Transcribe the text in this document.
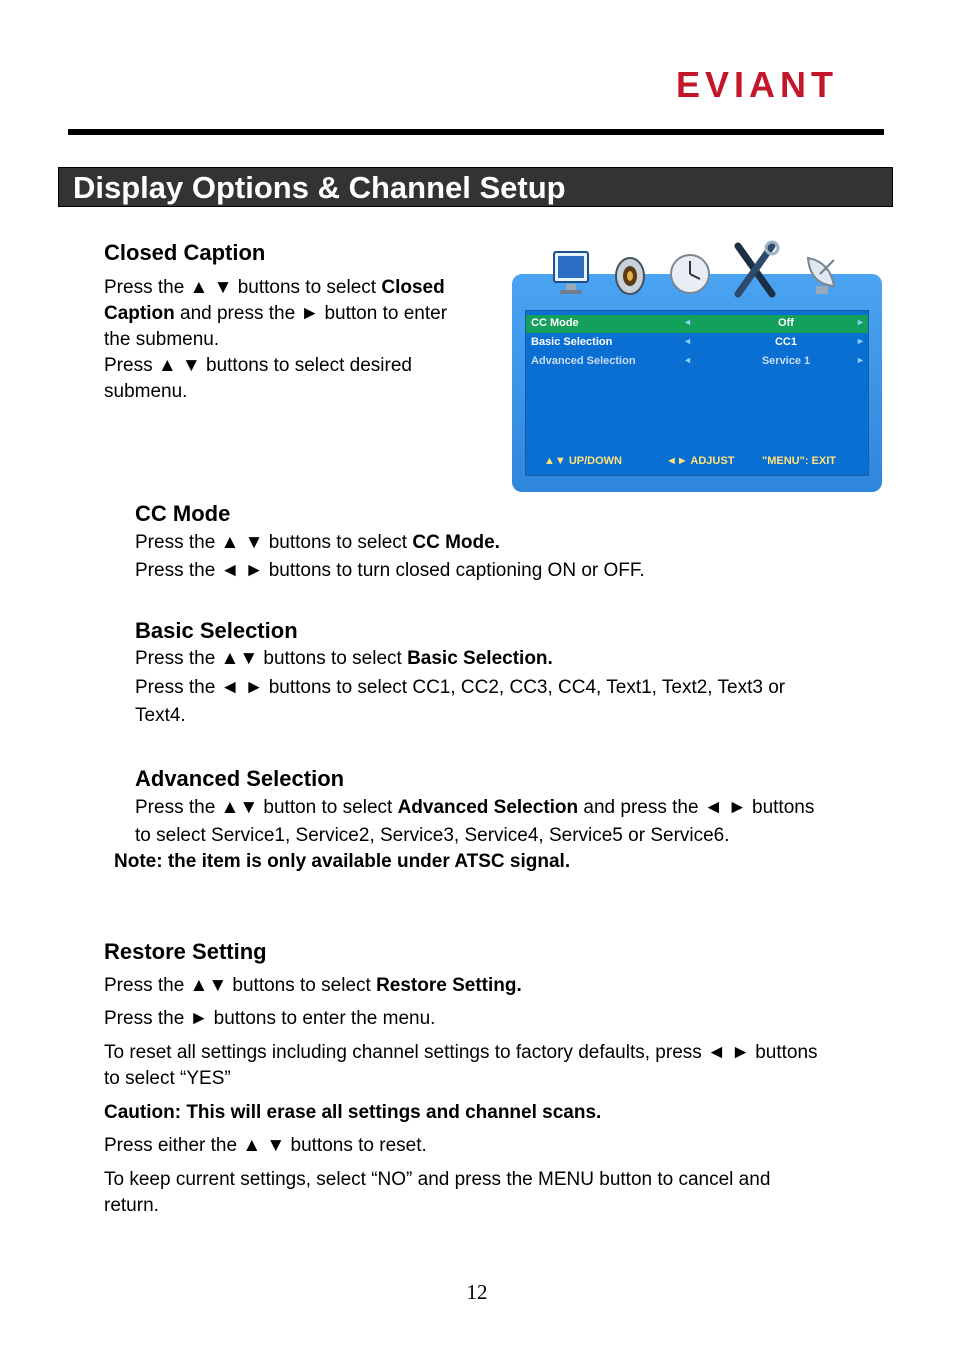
EVIANT
Display Options & Channel Setup
Closed Caption
Press the ▲ ▼ buttons to select Closed
Caption and press the ► button to enter
the submenu.
Press ▲ ▼ buttons to select desired
submenu.
CC Mode	◄	Off	►
Basic Selection	◄	CC1	►
Advanced Selection	◄	Service 1	►
▲▼ UP/DOWN	◄► ADJUST	"MENU": EXIT
CC Mode
Press the ▲ ▼ buttons to select CC Mode.
Press the ◄ ► buttons to turn closed captioning ON or OFF.
Basic Selection
Press the ▲▼ buttons to select Basic Selection.
Press the ◄ ► buttons to select CC1, CC2, CC3, CC4, Text1, Text2, Text3 or
Text4.
Advanced Selection
Press the ▲▼ button to select Advanced Selection and press the ◄ ► buttons
to select Service1, Service2, Service3, Service4, Service5 or Service6.
Note: the item is only available under ATSC signal.
Restore Setting
Press the ▲▼ buttons to select Restore Setting.
Press the ► buttons to enter the menu.
To reset all settings including channel settings to factory defaults, press ◄ ► buttons
to select “YES”
Caution: This will erase all settings and channel scans.
Press either the ▲ ▼ buttons to reset.
To keep current settings, select “NO” and press the MENU button to cancel and
return.
12
